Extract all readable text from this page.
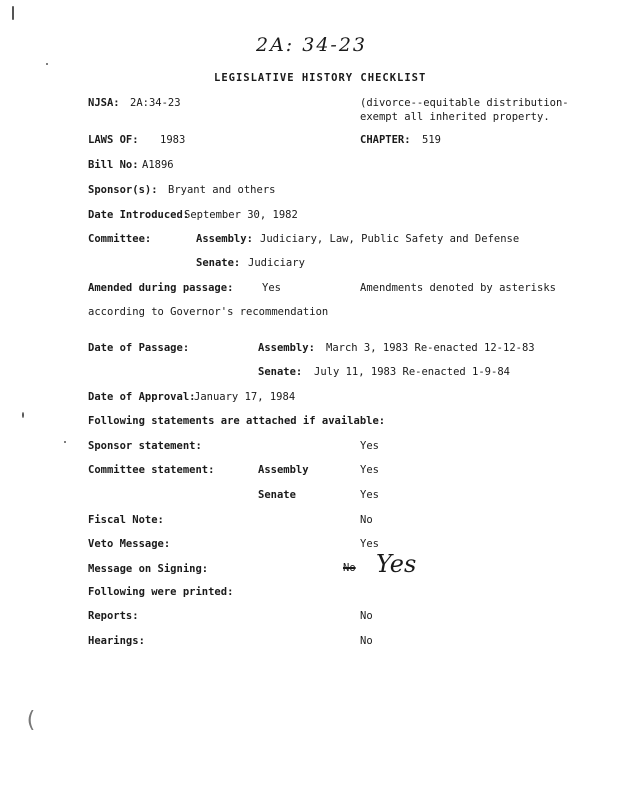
(
2A: 34-23
LEGISLATIVE HISTORY CHECKLIST
NJSA: 2A:34-23	(divorce--equitable distribution-
exempt all inherited property.
LAWS OF: 1983	CHAPTER: 519
Bill No: A1896
Sponsor(s): Bryant and others
Date Introduced:
September 30, 1982
Committee:	Assembly: Judiciary, Law, Public Safety and Defense
Senate: Judiciary
Amended during passage:	Yes	Amendments denoted by asterisks
according to Governor's recommendation
Date of Passage:	Assembly: March 3, 1983 Re-enacted 12-12-83
Senate: July 11, 1983 Re-enacted 1-9-84
Date of Approval:
January 17, 1984
Following statements are attached if available:
Sponsor statement:	Yes
Committee statement:	Assembly	Yes
Senate	Yes
Fiscal Note:	No
Veto Message:	Yes
Message on Signing:	No Yes
Following were printed:
Reports:	No
Hearings:	No
